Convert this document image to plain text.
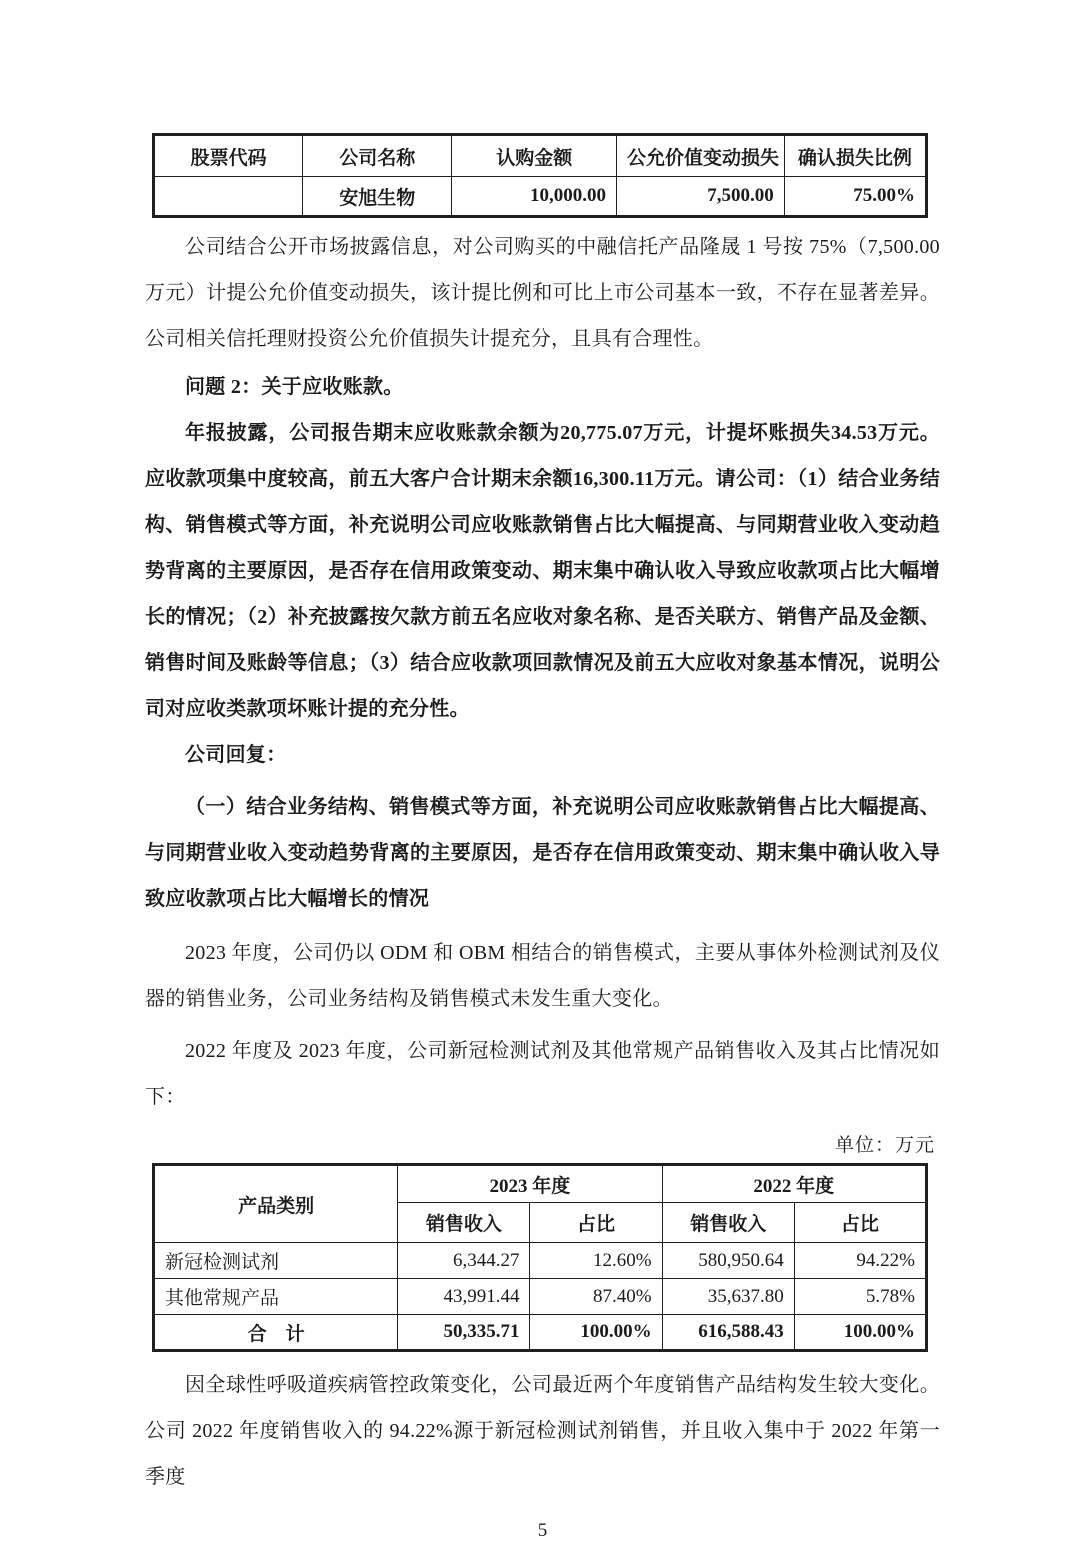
股票代码	公司名称	认购金额	公允价值变动损失	确认损失比例
	安旭生物	10,000.00	7,500.00	75.00%

公司结合公开市场披露信息，对公司购买的中融信托产品隆晟 1 号按 75%（7,500.00 万元）计提公允价值变动损失，该计提比例和可比上市公司基本一致，不存在显著差异。公司相关信托理财投资公允价值损失计提充分，且具有合理性。

问题 2：关于应收账款。

年报披露，公司报告期末应收账款余额为20,775.07万元，计提坏账损失34.53万元。应收款项集中度较高，前五大客户合计期末余额16,300.11万元。请公司：（1）结合业务结构、销售模式等方面，补充说明公司应收账款销售占比大幅提高、与同期营业收入变动趋势背离的主要原因，是否存在信用政策变动、期末集中确认收入导致应收款项占比大幅增长的情况；（2）补充披露按欠款方前五名应收对象名称、是否关联方、销售产品及金额、销售时间及账龄等信息；（3）结合应收款项回款情况及前五大应收对象基本情况，说明公司对应收类款项坏账计提的充分性。

公司回复：

（一）结合业务结构、销售模式等方面，补充说明公司应收账款销售占比大幅提高、与同期营业收入变动趋势背离的主要原因，是否存在信用政策变动、期末集中确认收入导致应收款项占比大幅增长的情况

2023 年度，公司仍以 ODM 和 OBM 相结合的销售模式，主要从事体外检测试剂及仪器的销售业务，公司业务结构及销售模式未发生重大变化。

2022 年度及 2023 年度，公司新冠检测试剂及其他常规产品销售收入及其占比情况如下：

单位：万元
产品类别	2023 年度		2022 年度	
	销售收入	占比	销售收入	占比
新冠检测试剂	6,344.27	12.60%	580,950.64	94.22%
其他常规产品	43,991.44	87.40%	35,637.80	5.78%
合　计	50,335.71	100.00%	616,588.43	100.00%

因全球性呼吸道疾病管控政策变化，公司最近两个年度销售产品结构发生较大变化。公司 2022 年度销售收入的 94.22%源于新冠检测试剂销售，并且收入集中于 2022 年第一季度

5
